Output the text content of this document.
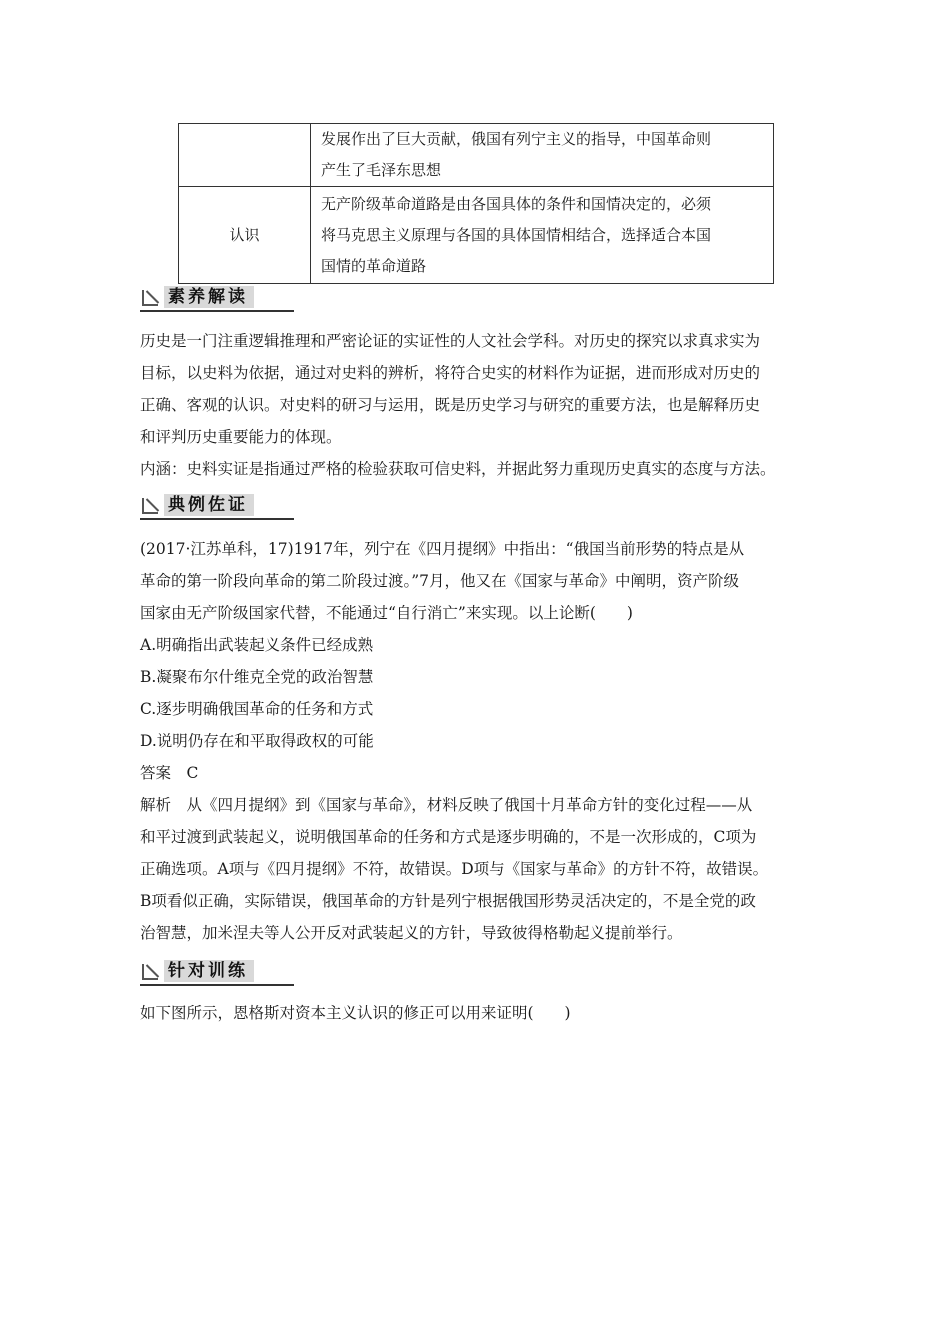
	发展作出了巨大贡献，俄国有列宁主义的指导，中国革命则
产生了毛泽东思想

认识	无产阶级革命道路是由各国具体的条件和国情决定的，必须
将马克思主义原理与各国的具体国情相结合，选择适合本国
国情的革命道路
素养解读

历史是一门注重逻辑推理和严密论证的实证性的人文社会学科。对历史的探究以求真求实为

目标，以史料为依据，通过对史料的辨析，将符合史实的材料作为证据，进而形成对历史的

正确、客观的认识。对史料的研习与运用，既是历史学习与研究的重要方法，也是解释历史

和评判历史重要能力的体现。

内涵：史料实证是指通过严格的检验获取可信史料，并据此努力重现历史真实的态度与方法。

典例佐证

(2017·江苏单科，17)1917年，列宁在《四月提纲》中指出：“俄国当前形势的特点是从

革命的第一阶段向革命的第二阶段过渡。”7月，他又在《国家与革命》中阐明，资产阶级

国家由无产阶级国家代替，不能通过“自行消亡”来实现。以上论断(　　)

A.明确指出武装起义条件已经成熟

B.凝聚布尔什维克全党的政治智慧

C.逐步明确俄国革命的任务和方式

D.说明仍存在和平取得政权的可能

答案　C

解析　从《四月提纲》到《国家与革命》，材料反映了俄国十月革命方针的变化过程——从

和平过渡到武装起义，说明俄国革命的任务和方式是逐步明确的，不是一次形成的，C项为

正确选项。A项与《四月提纲》不符，故错误。D项与《国家与革命》的方针不符，故错误。

B项看似正确，实际错误，俄国革命的方针是列宁根据俄国形势灵活决定的，不是全党的政

治智慧，加米涅夫等人公开反对武装起义的方针，导致彼得格勒起义提前举行。

针对训练

如下图所示，恩格斯对资本主义认识的修正可以用来证明(　　)
